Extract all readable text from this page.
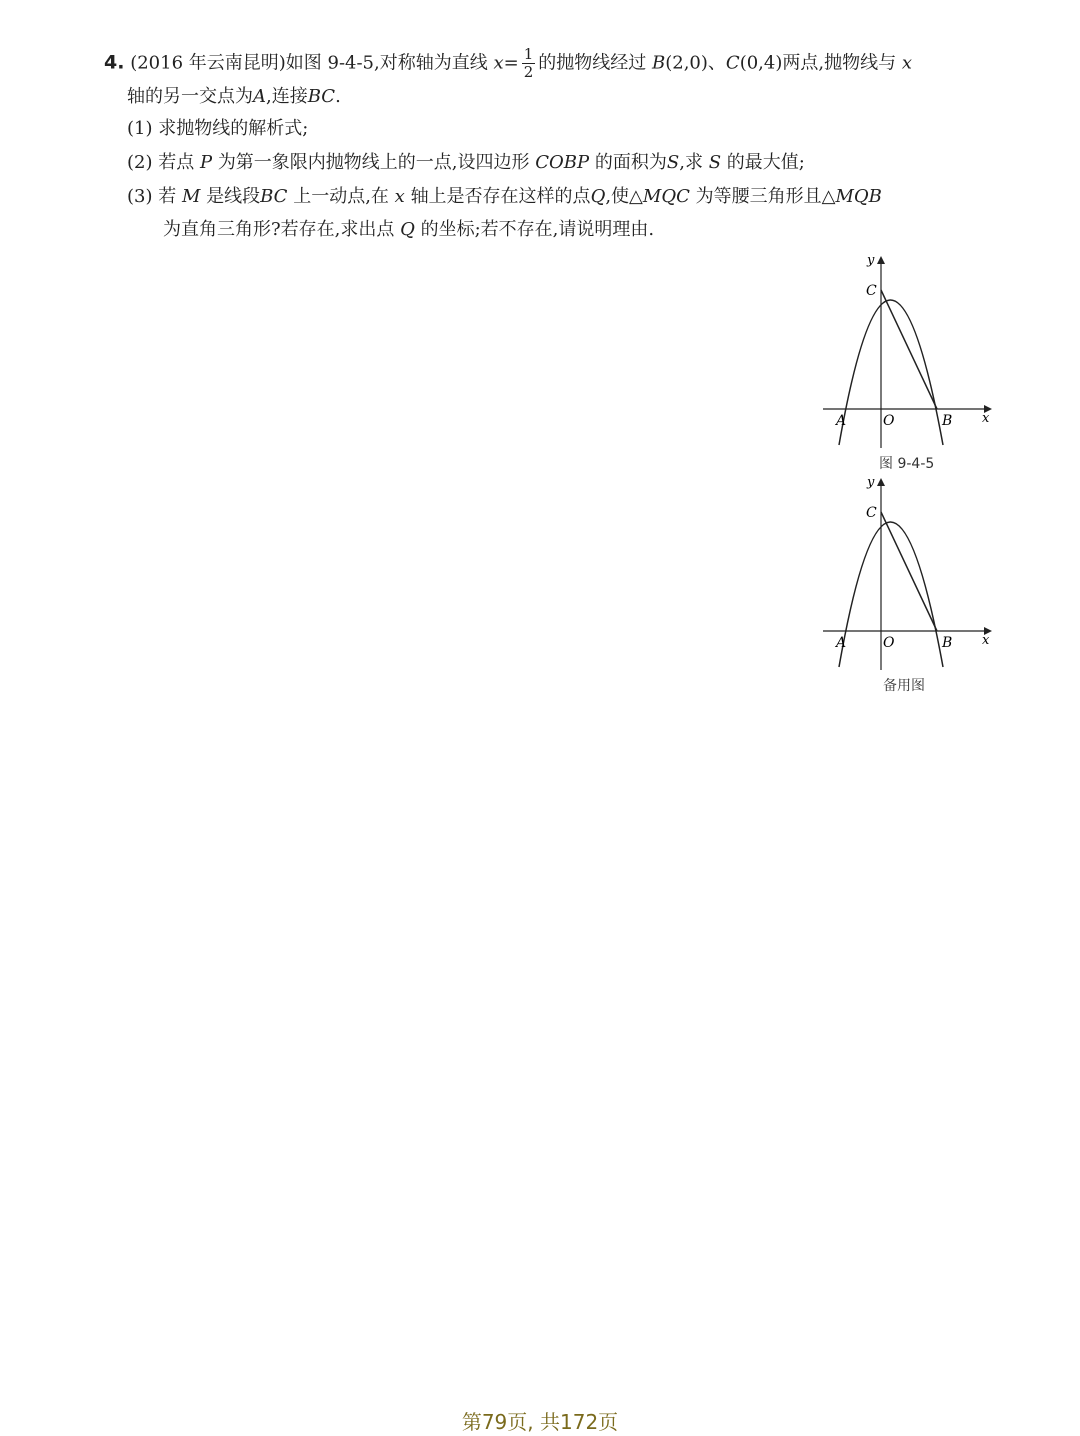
4. (2016 年云南昆明)如图 9-4-5,对称轴为直线 $x= \frac{1}{2}$ 的抛物线经过 B(2,0)、C(0,4)两点,抛物线与 x
轴的另一交点为A,连接BC.
(1) 求抛物线的解析式;
(2) 若点 P 为第一象限内抛物线上的一点,设四边形 COBP 的面积为S,求 S 的最大值;
(3) 若 M 是线段BC 上一动点,在 x 轴上是否存在这样的点Q,使△MQC 为等腰三角形且△MQB
为直角三角形?若存在,求出点 Q 的坐标;若不存在,请说明理由.
y
C
A	O	B x
图 9-4-5
y
C
A	O	B x
备用图
第79页, 共172页
